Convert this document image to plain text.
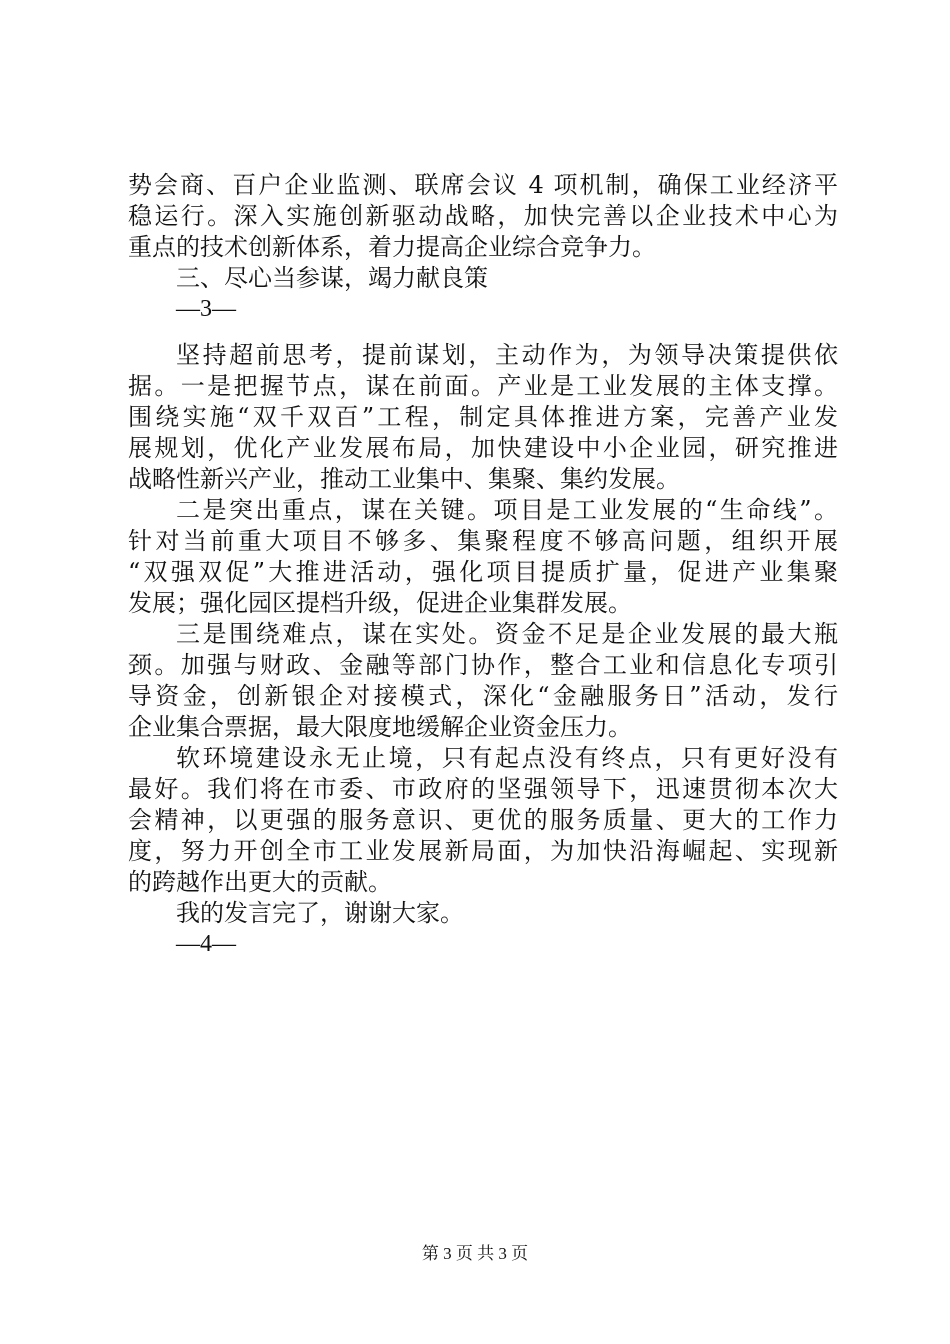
势会商、百户企业监测、联席会议 4 项机制，确保工业经济平
稳运行。深入实施创新驱动战略，加快完善以企业技术中心为
重点的技术创新体系，着力提高企业综合竞争力。
三、尽心当参谋，竭力献良策
—3—
坚持超前思考，提前谋划，主动作为，为领导决策提供依
据。一是把握节点，谋在前面。产业是工业发展的主体支撑。
围绕实施“双千双百”工程，制定具体推进方案，完善产业发
展规划，优化产业发展布局，加快建设中小企业园，研究推进
战略性新兴产业，推动工业集中、集聚、集约发展。
二是突出重点，谋在关键。项目是工业发展的“生命线”。
针对当前重大项目不够多、集聚程度不够高问题，组织开展
“双强双促”大推进活动，强化项目提质扩量，促进产业集聚
发展；强化园区提档升级，促进企业集群发展。
三是围绕难点，谋在实处。资金不足是企业发展的最大瓶
颈。加强与财政、金融等部门协作，整合工业和信息化专项引
导资金，创新银企对接模式，深化“金融服务日”活动，发行
企业集合票据，最大限度地缓解企业资金压力。
软环境建设永无止境，只有起点没有终点，只有更好没有
最好。我们将在市委、市政府的坚强领导下，迅速贯彻本次大
会精神，以更强的服务意识、更优的服务质量、更大的工作力
度，努力开创全市工业发展新局面，为加快沿海崛起、实现新
的跨越作出更大的贡献。
我的发言完了，谢谢大家。
—4—
第 3 页 共 3 页
